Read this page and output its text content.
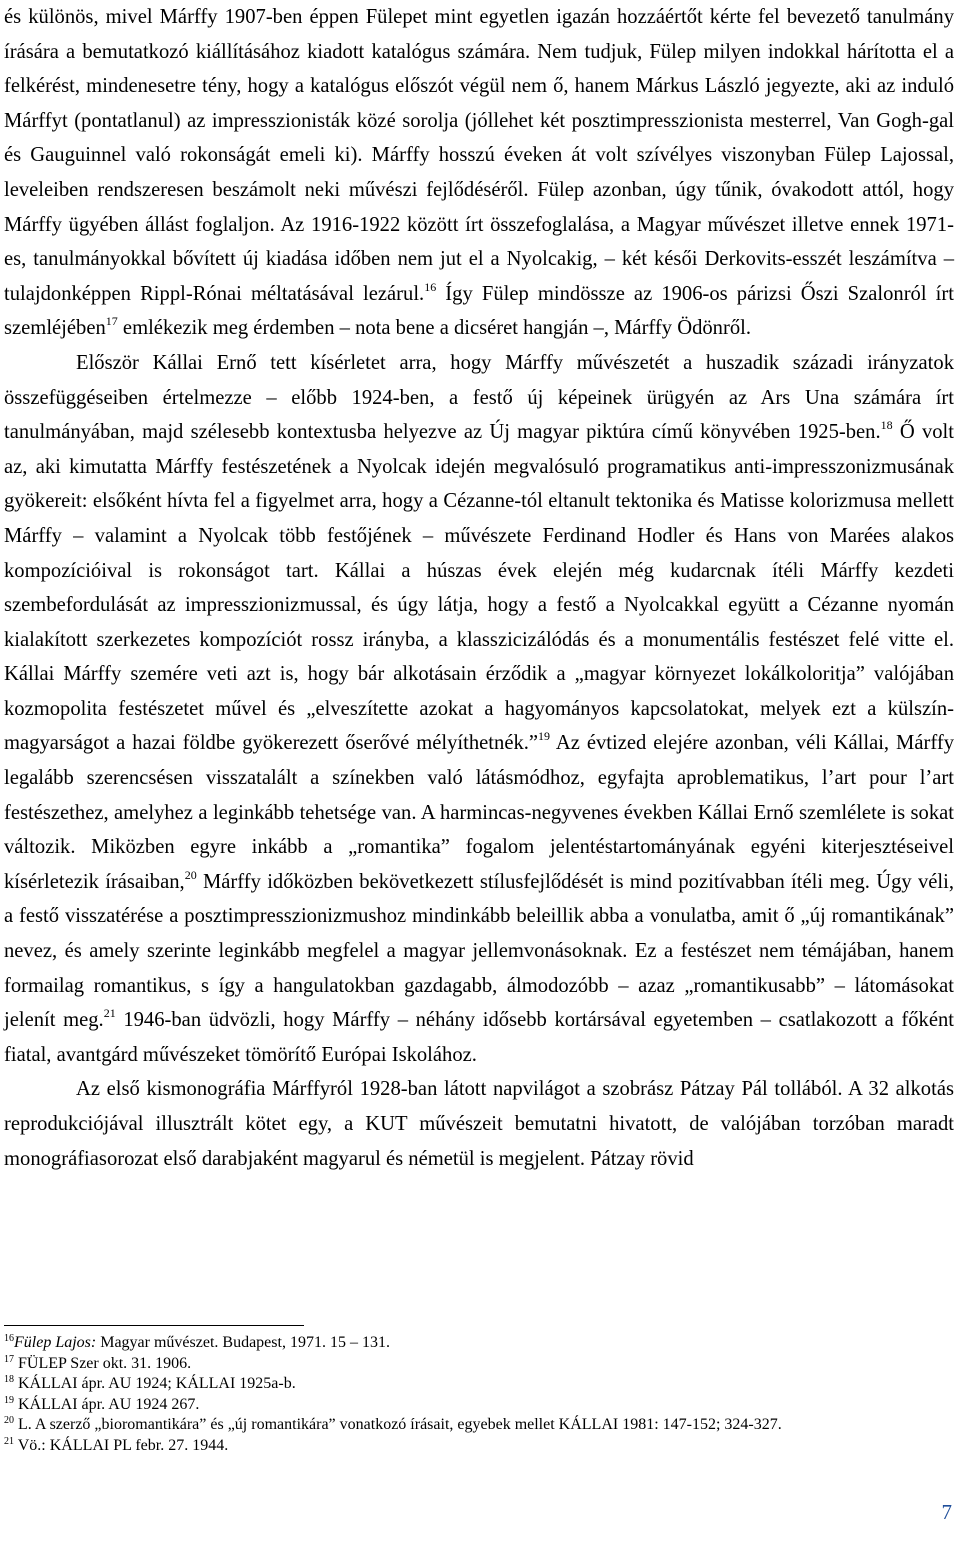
és különös, mivel Márffy 1907-ben éppen Fülepet mint egyetlen igazán hozzáértőt kérte fel bevezető tanulmány írására a bemutatkozó kiállításához kiadott katalógus számára. Nem tudjuk, Fülep milyen indokkal hárította el a felkérést, mindenesetre tény, hogy a katalógus előszót végül nem ő, hanem Márkus László jegyezte, aki az induló Márffyt (pontatlanul) az impresszionisták közé sorolja (jóllehet két posztimpresszionista mesterrel, Van Gogh-gal és Gauguinnel való rokonságát emeli ki). Márffy hosszú éveken át volt szívélyes viszonyban Fülep Lajossal, leveleiben rendszeresen beszámolt neki művészi fejlődéséről. Fülep azonban, úgy tűnik, óvakodott attól, hogy Márffy ügyében állást foglaljon. Az 1916-1922 között írt összefoglalása, a Magyar művészet illetve ennek 1971-es, tanulmányokkal bővített új kiadása időben nem jut el a Nyolcakig, – két késői Derkovits-esszét leszámítva – tulajdonképpen Rippl-Rónai méltatásával lezárul.$^{16}$ Így Fülep mindössze az 1906-os párizsi Őszi Szalonról írt szemléjében$^{17}$ emlékezik meg érdemben – nota bene a dicséret hangján –, Márffy Ödönről.

Először Kállai Ernő tett kísérletet arra, hogy Márffy művészetét a huszadik századi irányzatok összefüggéseiben értelmezze – előbb 1924-ben, a festő új képeinek ürügyén az Ars Una számára írt tanulmányában, majd szélesebb kontextusba helyezve az Új magyar piktúra című könyvében 1925-ben.$^{18}$ Ő volt az, aki kimutatta Márffy festészetének a Nyolcak idején megvalósuló programatikus anti-impresszonizmusának gyökereit: elsőként hívta fel a figyelmet arra, hogy a Cézanne-tól eltanult tektonika és Matisse kolorizmusa mellett Márffy – valamint a Nyolcak több festőjének – művészete Ferdinand Hodler és Hans von Marées alakos kompozícióival is rokonságot tart. Kállai a húszas évek elején még kudarcnak ítéli Márffy kezdeti szembefordulását az impresszionizmussal, és úgy látja, hogy a festő a Nyolcakkal együtt a Cézanne nyomán kialakított szerkezetes kompozíciót rossz irányba, a klasszicizálódás és a monumentális festészet felé vitte el. Kállai Márffy szemére veti azt is, hogy bár alkotásain érződik a „magyar környezet lokálkoloritja” valójában kozmopolita festészetet művel és „elveszítette azokat a hagyományos kapcsolatokat, melyek ezt a külszín-magyarságot a hazai földbe gyökerezett őserővé mélyíthetnék.”$^{19}$ Az évtized elejére azonban, véli Kállai, Márffy legalább szerencsésen visszatalált a színekben való látásmódhoz, egyfajta aproblematikus, l’art pour l’art festészethez, amelyhez a leginkább tehetsége van. A harmincas-negyvenes években Kállai Ernő szemlélete is sokat változik. Miközben egyre inkább a „romantika” fogalom jelentéstartományának egyéni kiterjesztéseivel kísérletezik írásaiban,$^{20}$ Márffy időközben bekövetkezett stílusfejlődését is mind pozitívabban ítéli meg. Úgy véli, a festő visszatérése a posztimpresszionizmushoz mindinkább beleillik abba a vonulatba, amit ő „új romantikának” nevez, és amely szerinte leginkább megfelel a magyar jellemvonásoknak. Ez a festészet nem témájában, hanem formailag romantikus, s így a hangulatokban gazdagabb, álmodozóbb – azaz „romantikusabb” – látomásokat jelenít meg.$^{21}$ 1946-ban üdvözli, hogy Márffy – néhány idősebb kortársával egyetemben – csatlakozott a főként fiatal, avantgárd művészeket tömörítő Európai Iskolához.

Az első kismonográfia Márffyról 1928-ban látott napvilágot a szobrász Pátzay Pál tollából. A 32 alkotás reprodukciójával illusztrált kötet egy, a KUT művészeit bemutatni hivatott, de valójában torzóban maradt monográfiasorozat első darabjaként magyarul és németül is megjelent. Pátzay rövid

$^{16}$Fülep Lajos: Magyar művészet. Budapest, 1971. 15 – 131.
$^{17}$ FÜLEP Szer okt. 31. 1906.
$^{18}$ KÁLLAI ápr. AU 1924; KÁLLAI 1925a-b.
$^{19}$ KÁLLAI ápr. AU 1924 267.
$^{20}$ L. A szerző „bioromantikára” és „új romantikára” vonatkozó írásait, egyebek mellet KÁLLAI 1981: 147-152; 324-327.
$^{21}$ Vö.: KÁLLAI PL febr. 27. 1944.
7
